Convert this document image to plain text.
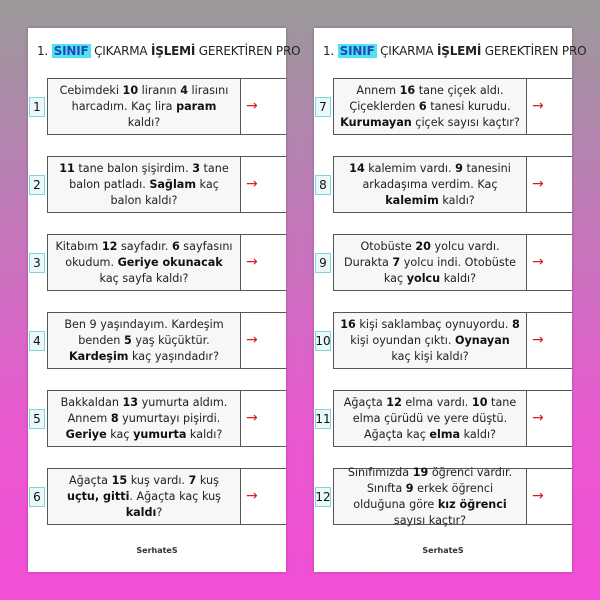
1. SINIF ÇIKARMA İŞLEMİ GEREKTİREN PRO
1
Cebimdeki 10 liranın 4 lirasını harcadım. Kaç lira param kaldı?
→
2
11 tane balon şişirdim. 3 tane balon patladı. Sağlam kaç balon kaldı?
→
3
Kitabım 12 sayfadır. 6 sayfasını okudum. Geriye okunacak kaç sayfa kaldı?
→
4
Ben 9 yaşındayım. Kardeşim benden 5 yaş küçüktür. Kardeşim kaç yaşındadır?
→
5
Bakkaldan 13 yumurta aldım. Annem 8 yumurtayı pişirdi. Geriye kaç yumurta kaldı?
→
6
Ağaçta 15 kuş vardı. 7 kuş uçtu, gitti. Ağaçta kaç kuş kaldı?
→
SerhateS
1. SINIF ÇIKARMA İŞLEMİ GEREKTİREN PRO
7
Annem 16 tane çiçek aldı. Çiçeklerden 6 tanesi kurudu. Kurumayan çiçek sayısı kaçtır?
→
8
14 kalemim vardı. 9 tanesini arkadaşıma verdim. Kaç kalemim kaldı?
→
9
Otobüste 20 yolcu vardı. Durakta 7 yolcu indi. Otobüste kaç yolcu kaldı?
→
10
16 kişi saklambaç oynuyordu. 8 kişi oyundan çıktı. Oynayan kaç kişi kaldı?
→
11
Ağaçta 12 elma vardı. 10 tane elma çürüdü ve yere düştü. Ağaçta kaç elma kaldı?
→
12
Sınıfımızda 19 öğrenci vardır. Sınıfta 9 erkek öğrenci olduğuna göre kız öğrenci sayısı kaçtır?
→
SerhateS
